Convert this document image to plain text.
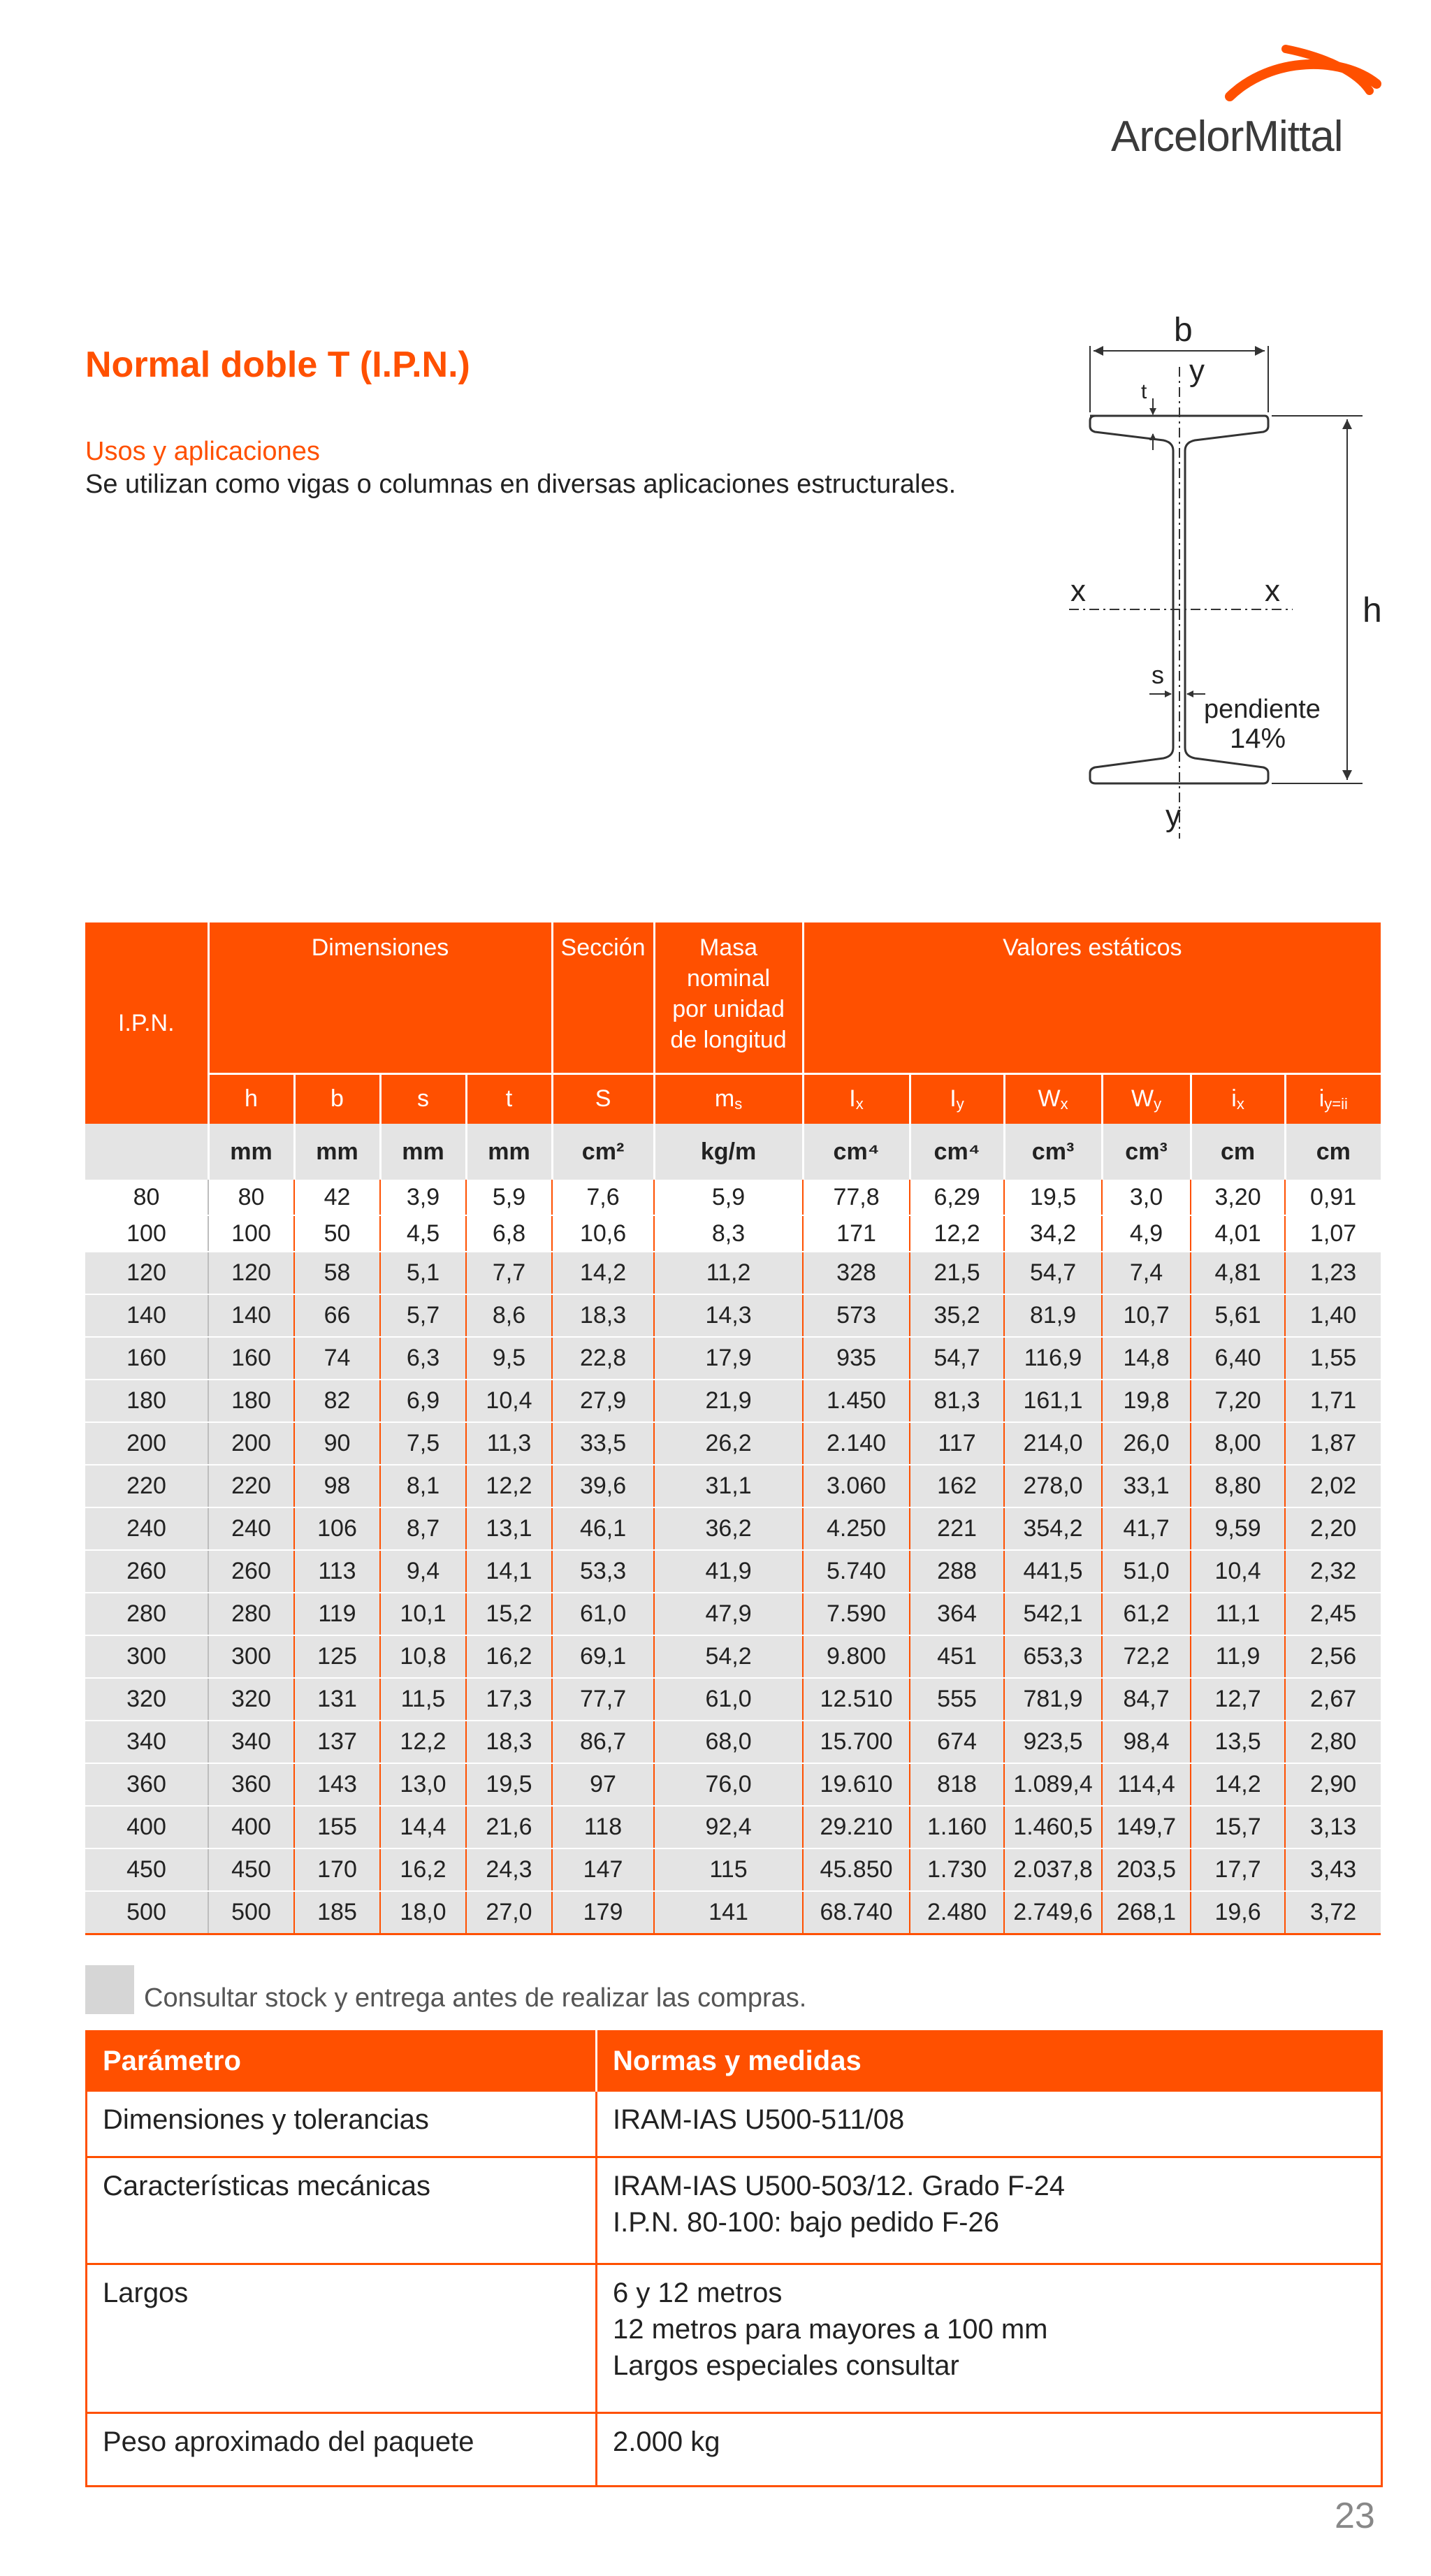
ArcelorMittal
Normal doble T (I.P.N.)
Usos y aplicaciones
Se utilizan como vigas o columnas en diversas aplicaciones estructurales.
b
y
t
x	x h
s
pendiente
14%
y
I.P.N.	Dimensiones				Sección	Masa
nominal
por unidad
de longitud	Valores estáticos					
	h	b	s	t	S	$m_s$	$I_x$	$I_y$	$W_x$	$W_y$	$i_x$	$i_{y=ii}$
	mm	mm	mm	mm	cm²	kg/m	cm⁴	cm⁴	cm³	cm³	cm	cm
80	80	42	3,9	5,9	7,6	5,9	77,8	6,29	19,5	3,0	3,20	0,91
100	100	50	4,5	6,8	10,6	8,3	171	12,2	34,2	4,9	4,01	1,07
120	120	58	5,1	7,7	14,2	11,2	328	21,5	54,7	7,4	4,81	1,23
140	140	66	5,7	8,6	18,3	14,3	573	35,2	81,9	10,7	5,61	1,40
160	160	74	6,3	9,5	22,8	17,9	935	54,7	116,9	14,8	6,40	1,55
180	180	82	6,9	10,4	27,9	21,9	1.450	81,3	161,1	19,8	7,20	1,71
200	200	90	7,5	11,3	33,5	26,2	2.140	117	214,0	26,0	8,00	1,87
220	220	98	8,1	12,2	39,6	31,1	3.060	162	278,0	33,1	8,80	2,02
240	240	106	8,7	13,1	46,1	36,2	4.250	221	354,2	41,7	9,59	2,20
260	260	113	9,4	14,1	53,3	41,9	5.740	288	441,5	51,0	10,4	2,32
280	280	119	10,1	15,2	61,0	47,9	7.590	364	542,1	61,2	11,1	2,45
300	300	125	10,8	16,2	69,1	54,2	9.800	451	653,3	72,2	11,9	2,56
320	320	131	11,5	17,3	77,7	61,0	12.510	555	781,9	84,7	12,7	2,67
340	340	137	12,2	18,3	86,7	68,0	15.700	674	923,5	98,4	13,5	2,80
360	360	143	13,0	19,5	97	76,0	19.610	818	1.089,4	114,4	14,2	2,90
400	400	155	14,4	21,6	118	92,4	29.210	1.160	1.460,5	149,7	15,7	3,13
450	450	170	16,2	24,3	147	115	45.850	1.730	2.037,8	203,5	17,7	3,43
500	500	185	18,0	27,0	179	141	68.740	2.480	2.749,6	268,1	19,6	3,72
Consultar stock y entrega antes de realizar las compras.
Parámetro	Normas y medidas
Dimensiones y tolerancias	IRAM-IAS U500-511/08

Características mecánicas	IRAM-IAS U500-503/12. Grado F-24
I.P.N. 80-100: bajo pedido F-26

Largos	6 y 12 metros
12 metros para mayores a 100 mm
Largos especiales consultar

Peso aproximado del paquete	2.000 kg
23
